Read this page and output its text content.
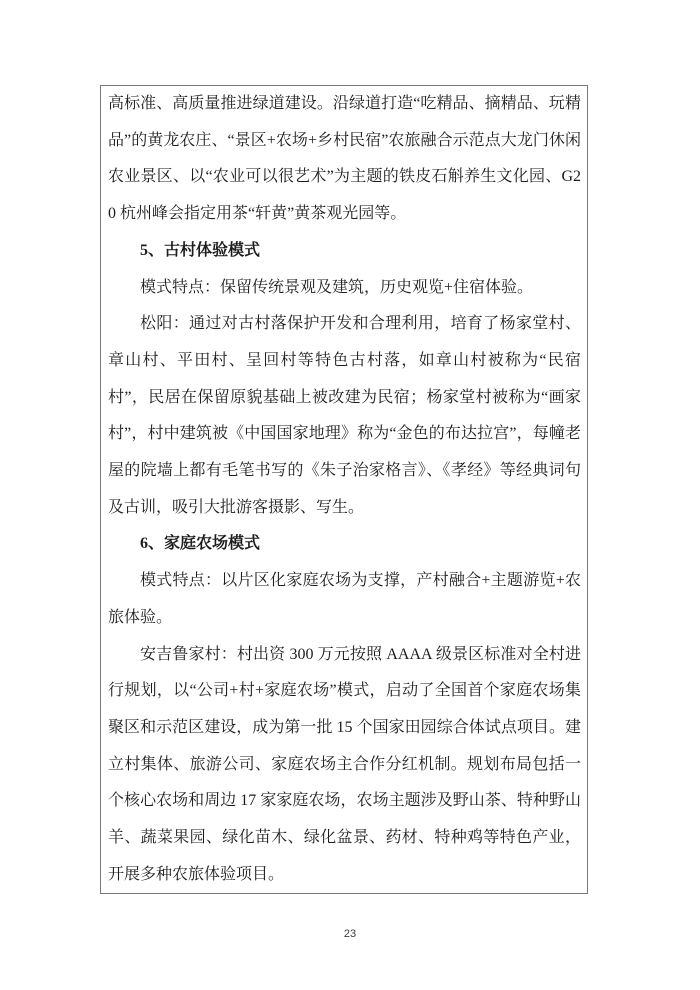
高标准、高质量推进绿道建设。沿绿道打造“吃精品、摘精品、玩精品”的黄龙农庄、“景区+农场+乡村民宿”农旅融合示范点大龙门休闲农业景区、以“农业可以很艺术”为主题的铁皮石斛养生文化园、G20 杭州峰会指定用茶“轩黄”黄茶观光园等。

5、古村体验模式

模式特点：保留传统景观及建筑，历史观览+住宿体验。

松阳：通过对古村落保护开发和合理利用，培育了杨家堂村、章山村、平田村、呈回村等特色古村落，如章山村被称为“民宿村”，民居在保留原貌基础上被改建为民宿；杨家堂村被称为“画家村”，村中建筑被《中国国家地理》称为“金色的布达拉宫”，每幢老屋的院墙上都有毛笔书写的《朱子治家格言》、《孝经》等经典词句及古训，吸引大批游客摄影、写生。

6、家庭农场模式

模式特点：以片区化家庭农场为支撑，产村融合+主题游览+农旅体验。

安吉鲁家村：村出资 300 万元按照 AAAA 级景区标准对全村进行规划，以“公司+村+家庭农场”模式，启动了全国首个家庭农场集聚区和示范区建设，成为第一批 15 个国家田园综合体试点项目。建立村集体、旅游公司、家庭农场主合作分红机制。规划布局包括一个核心农场和周边 17 家家庭农场，农场主题涉及野山茶、特种野山羊、蔬菜果园、绿化苗木、绿化盆景、药材、特种鸡等特色产业，开展多种农旅体验项目。

23
